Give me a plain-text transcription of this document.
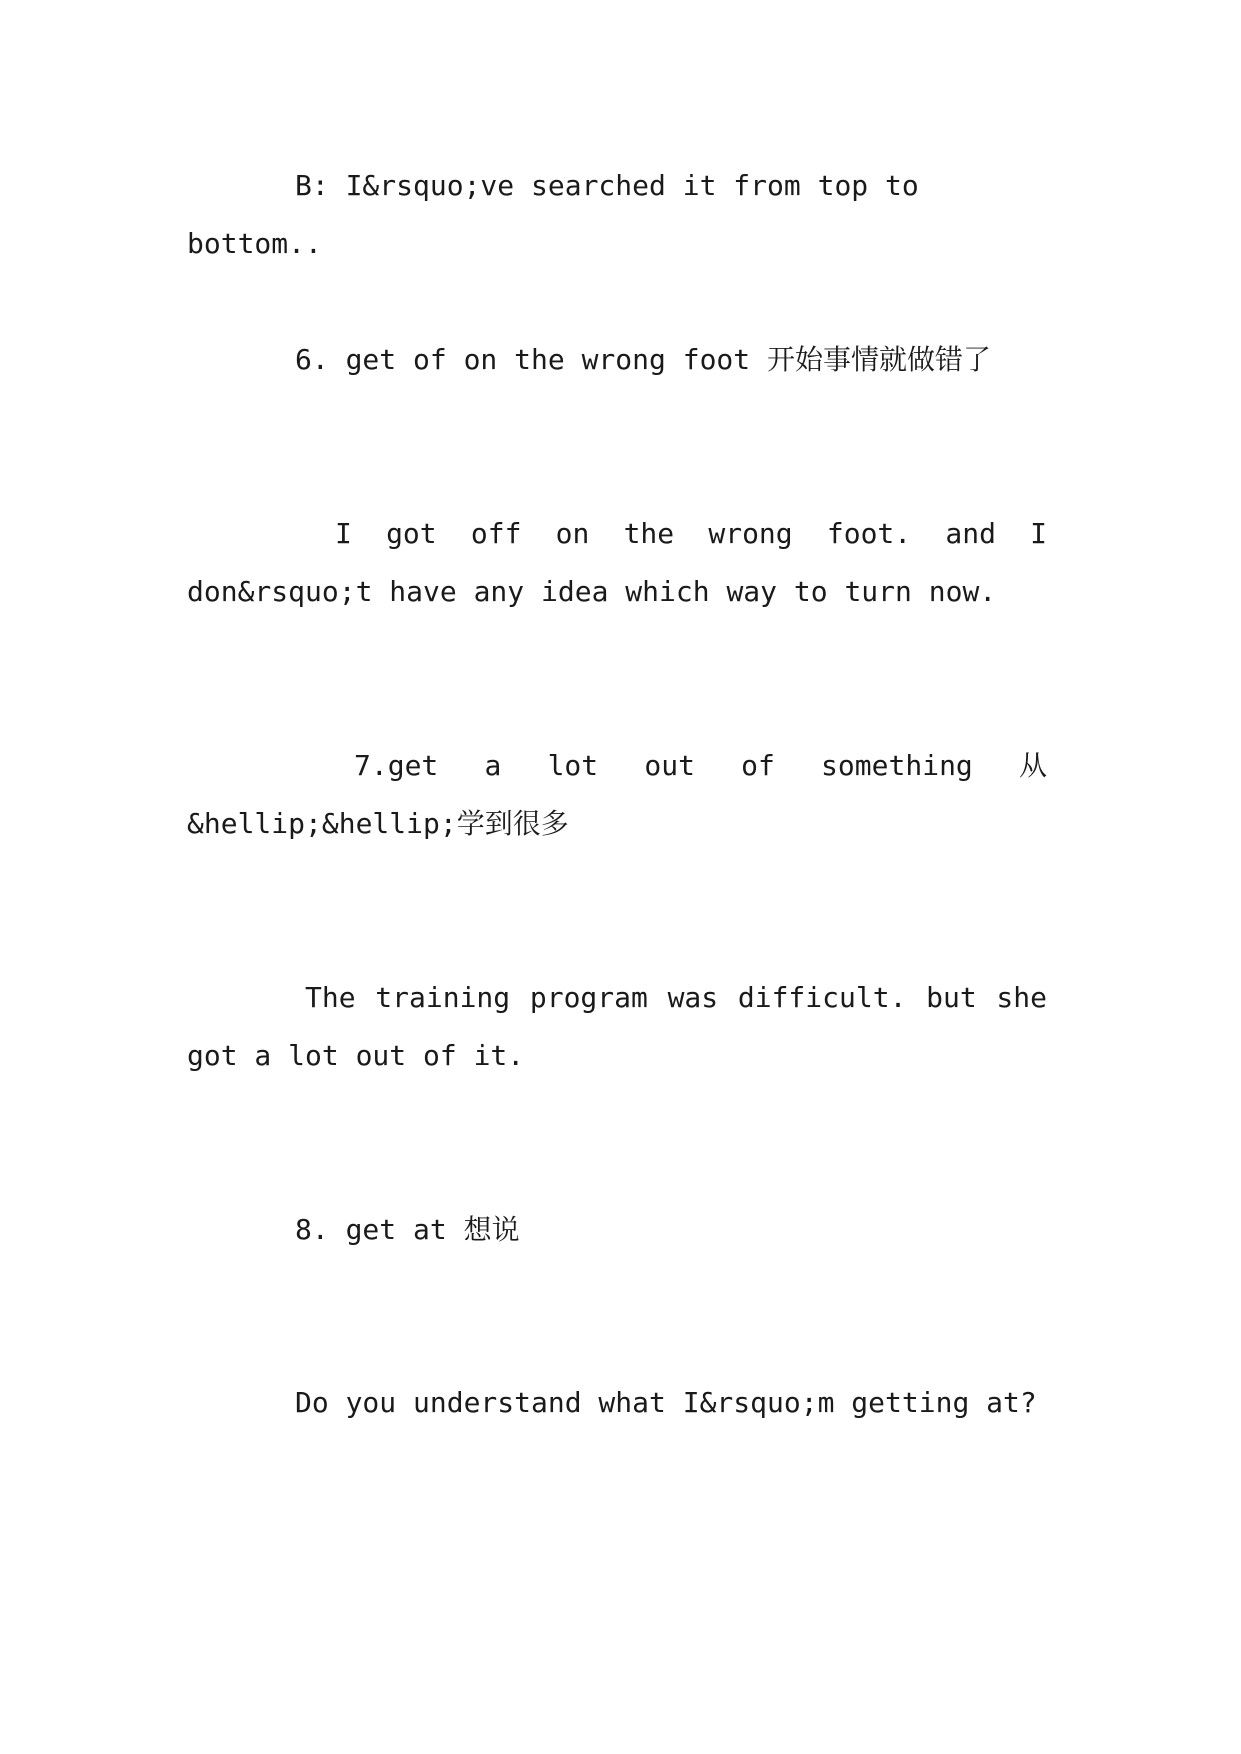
B: I&rsquo;ve searched it from top to bottom..
6. get of on the wrong foot 开始事情就做错了
I got off on the wrong foot. and I
don&rsquo;t have any idea which way to turn now.
7.get a lot out of something 从
&hellip;&hellip;学到很多
The training program was difficult. but she
got a lot out of it.
8. get at 想说
Do you understand what I&rsquo;m getting at?
